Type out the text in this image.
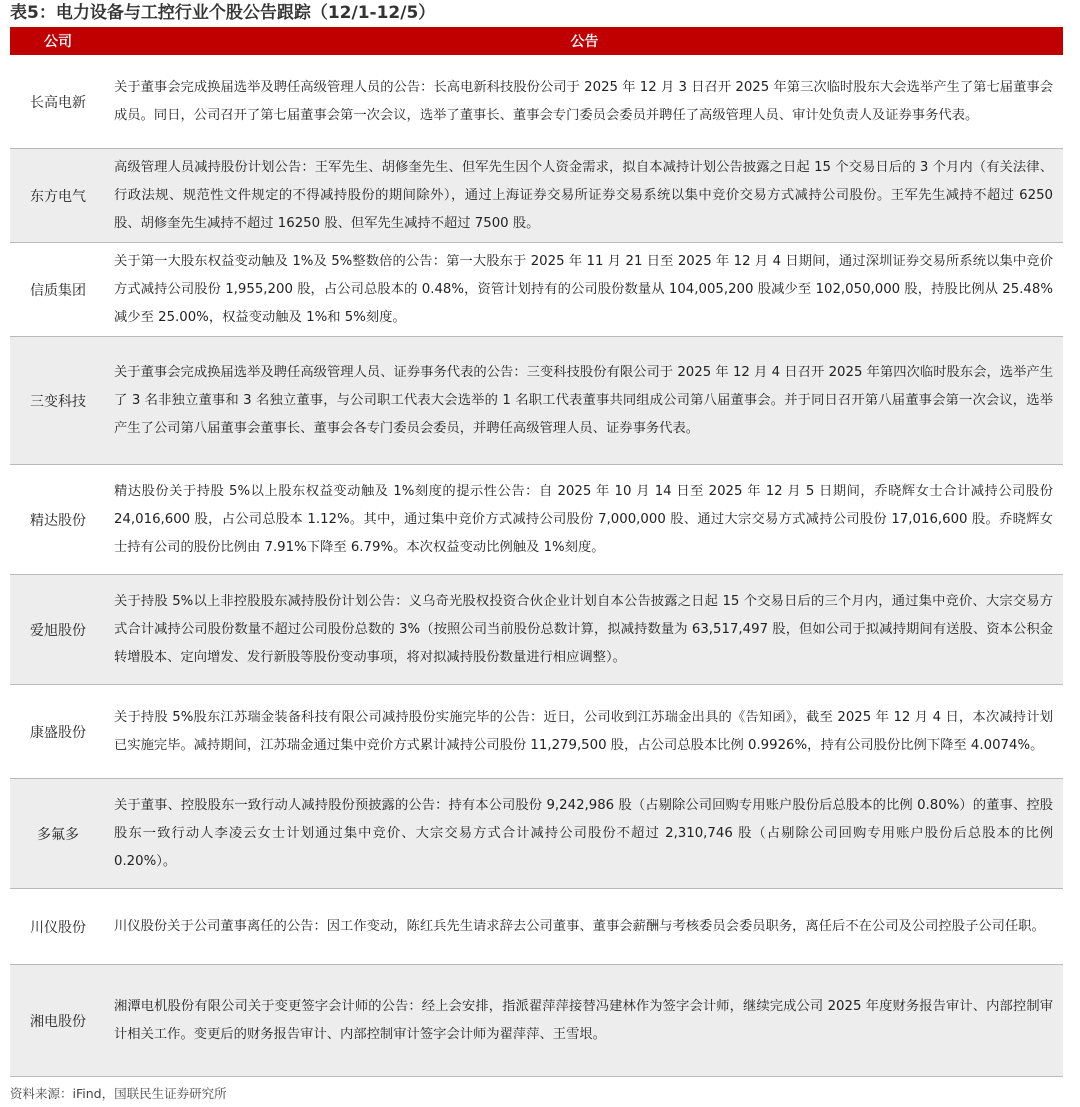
表5：电力设备与工控行业个股公告跟踪（12/1-12/5）
公司	公告
长高电新
关于董事会完成换届选举及聘任高级管理人员的公告：长高电新科技股份公司于 2025 年 12 月 3 日召开 2025 年第三次临时股东大会选举产生了第七届董事会成员。同日，公司召开了第七届董事会第一次会议，选举了董事长、董事会专门委员会委员并聘任了高级管理人员、审计处负责人及证券事务代表。
东方电气
高级管理人员减持股份计划公告：王军先生、胡修奎先生、但军先生因个人资金需求，拟自本减持计划公告披露之日起 15 个交易日后的 3 个月内（有关法律、行政法规、规范性文件规定的不得减持股份的期间除外），通过上海证券交易所证券交易系统以集中竞价交易方式减持公司股份。王军先生减持不超过 6250 股、胡修奎先生减持不超过 16250 股、但军先生减持不超过 7500 股。
信质集团
关于第一大股东权益变动触及 1%及 5%整数倍的公告：第一大股东于 2025 年 11 月 21 日至 2025 年 12 月 4 日期间，通过深圳证券交易所系统以集中竞价方式减持公司股份 1,955,200 股，占公司总股本的 0.48%，资管计划持有的公司股份数量从 104,005,200 股减少至 102,050,000 股，持股比例从 25.48%减少至 25.00%，权益变动触及 1%和 5%刻度。
三变科技
关于董事会完成换届选举及聘任高级管理人员、证券事务代表的公告：三变科技股份有限公司于 2025 年 12 月 4 日召开 2025 年第四次临时股东会，选举产生了 3 名非独立董事和 3 名独立董事，与公司职工代表大会选举的 1 名职工代表董事共同组成公司第八届董事会。并于同日召开第八届董事会第一次会议，选举产生了公司第八届董事会董事长、董事会各专门委员会委员，并聘任高级管理人员、证券事务代表。
精达股份
精达股份关于持股 5%以上股东权益变动触及 1%刻度的提示性公告：自 2025 年 10 月 14 日至 2025 年 12 月 5 日期间，乔晓辉女士合计减持公司股份 24,016,600 股，占公司总股本 1.12%。其中，通过集中竞价方式减持公司股份 7,000,000 股、通过大宗交易方式减持公司股份 17,016,600 股。乔晓辉女士持有公司的股份比例由 7.91%下降至 6.79%。本次权益变动比例触及 1%刻度。
爱旭股份
关于持股 5%以上非控股股东减持股份计划公告：义乌奇光股权投资合伙企业计划自本公告披露之日起 15 个交易日后的三个月内，通过集中竞价、大宗交易方式合计减持公司股份数量不超过公司股份总数的 3%（按照公司当前股份总数计算，拟减持数量为 63,517,497 股，但如公司于拟减持期间有送股、资本公积金转增股本、定向增发、发行新股等股份变动事项，将对拟减持股份数量进行相应调整）。
康盛股份
关于持股 5%股东江苏瑞金装备科技有限公司减持股份实施完毕的公告：近日，公司收到江苏瑞金出具的《告知函》，截至 2025 年 12 月 4 日，本次减持计划已实施完毕。减持期间，江苏瑞金通过集中竞价方式累计减持公司股份 11,279,500 股，占公司总股本比例 0.9926%，持有公司股份比例下降至 4.0074%。
多氟多
关于董事、控股股东一致行动人减持股份预披露的公告：持有本公司股份 9,242,986 股（占剔除公司回购专用账户股份后总股本的比例 0.80%）的董事、控股股东一致行动人李凌云女士计划通过集中竞价、大宗交易方式合计减持公司股份不超过 2,310,746 股（占剔除公司回购专用账户股份后总股本的比例 0.20%）。
川仪股份	川仪股份关于公司董事离任的公告：因工作变动，陈红兵先生请求辞去公司董事、董事会薪酬与考核委员会委员职务，离任后不在公司及公司控股子公司任职。
湘电股份
湘潭电机股份有限公司关于变更签字会计师的公告：经上会安排，指派翟萍萍接替冯建林作为签字会计师，继续完成公司 2025 年度财务报告审计、内部控制审计相关工作。变更后的财务报告审计、内部控制审计签字会计师为翟萍萍、王雪垠。
资料来源：iFind，国联民生证券研究所
